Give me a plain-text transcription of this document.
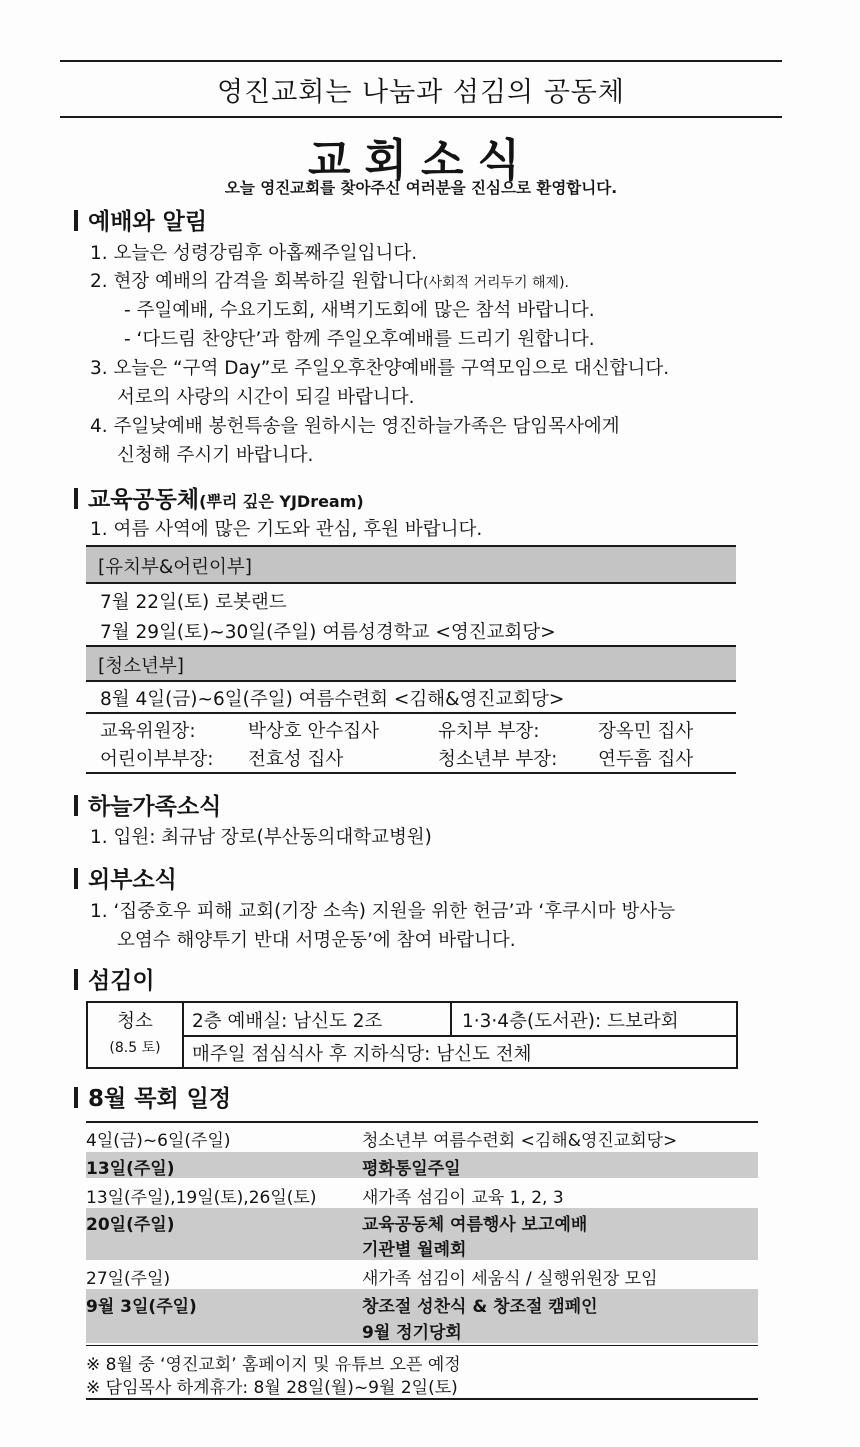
영진교회는 나눔과 섬김의 공동체
교회소식
오늘 영진교회를 찾아주신 여러분을 진심으로 환영합니다.
예배와 알림
1. 오늘은 성령강림후 아홉째주일입니다.
2. 현장 예배의 감격을 회복하길 원합니다(사회적 거리두기 해제).
- 주일예배, 수요기도회, 새벽기도회에 많은 참석 바랍니다.
- ‘다드림 찬양단’과 함께 주일오후예배를 드리기 원합니다.
3. 오늘은 “구역 Day”로 주일오후찬양예배를 구역모임으로 대신합니다.
서로의 사랑의 시간이 되길 바랍니다.
4. 주일낮예배 봉헌특송을 원하시는 영진하늘가족은 담임목사에게
신청해 주시기 바랍니다.
교육공동체(뿌리 깊은 YJDream)
1. 여름 사역에 많은 기도와 관심, 후원 바랍니다.
[유치부&어린이부]
7월 22일(토) 로봇랜드
7월 29일(토)~30일(주일) 여름성경학교 <영진교회당>
[청소년부]
8월 4일(금)~6일(주일) 여름수련회 <김해&영진교회당>
교육위원장:	박상호 안수집사	유치부 부장:	장옥민 집사
어린이부부장: 전효성 집사	청소년부 부장: 연두흠 집사
하늘가족소식
1. 입원: 최규남 장로(부산동의대학교병원)
외부소식
1. ‘집중호우 피해 교회(기장 소속) 지원을 위한 헌금’과 ‘후쿠시마 방사능
오염수 해양투기 반대 서명운동’에 참여 바랍니다.
섬김이
청소
(8.5 토)
2층 예배실: 남신도 2조	1·3·4층(도서관): 드보라회
매주일 점심식사 후 지하식당: 남신도 전체
8월 목회 일정
4일(금)~6일(주일)	청소년부 여름수련회 <김해&영진교회당>
13일(주일)	평화통일주일
13일(주일),19일(토),26일(토)	새가족 섬김이 교육 1, 2, 3
20일(주일)	교육공동체 여름행사 보고예배
기관별 월례회
27일(주일)	새가족 섬김이 세움식 / 실행위원장 모임
9월 3일(주일)	창조절 성찬식 & 창조절 캠페인
9월 정기당회
※ 8월 중 ‘영진교회’ 홈페이지 및 유튜브 오픈 예정
※ 담임목사 하계휴가: 8월 28일(월)~9월 2일(토)
